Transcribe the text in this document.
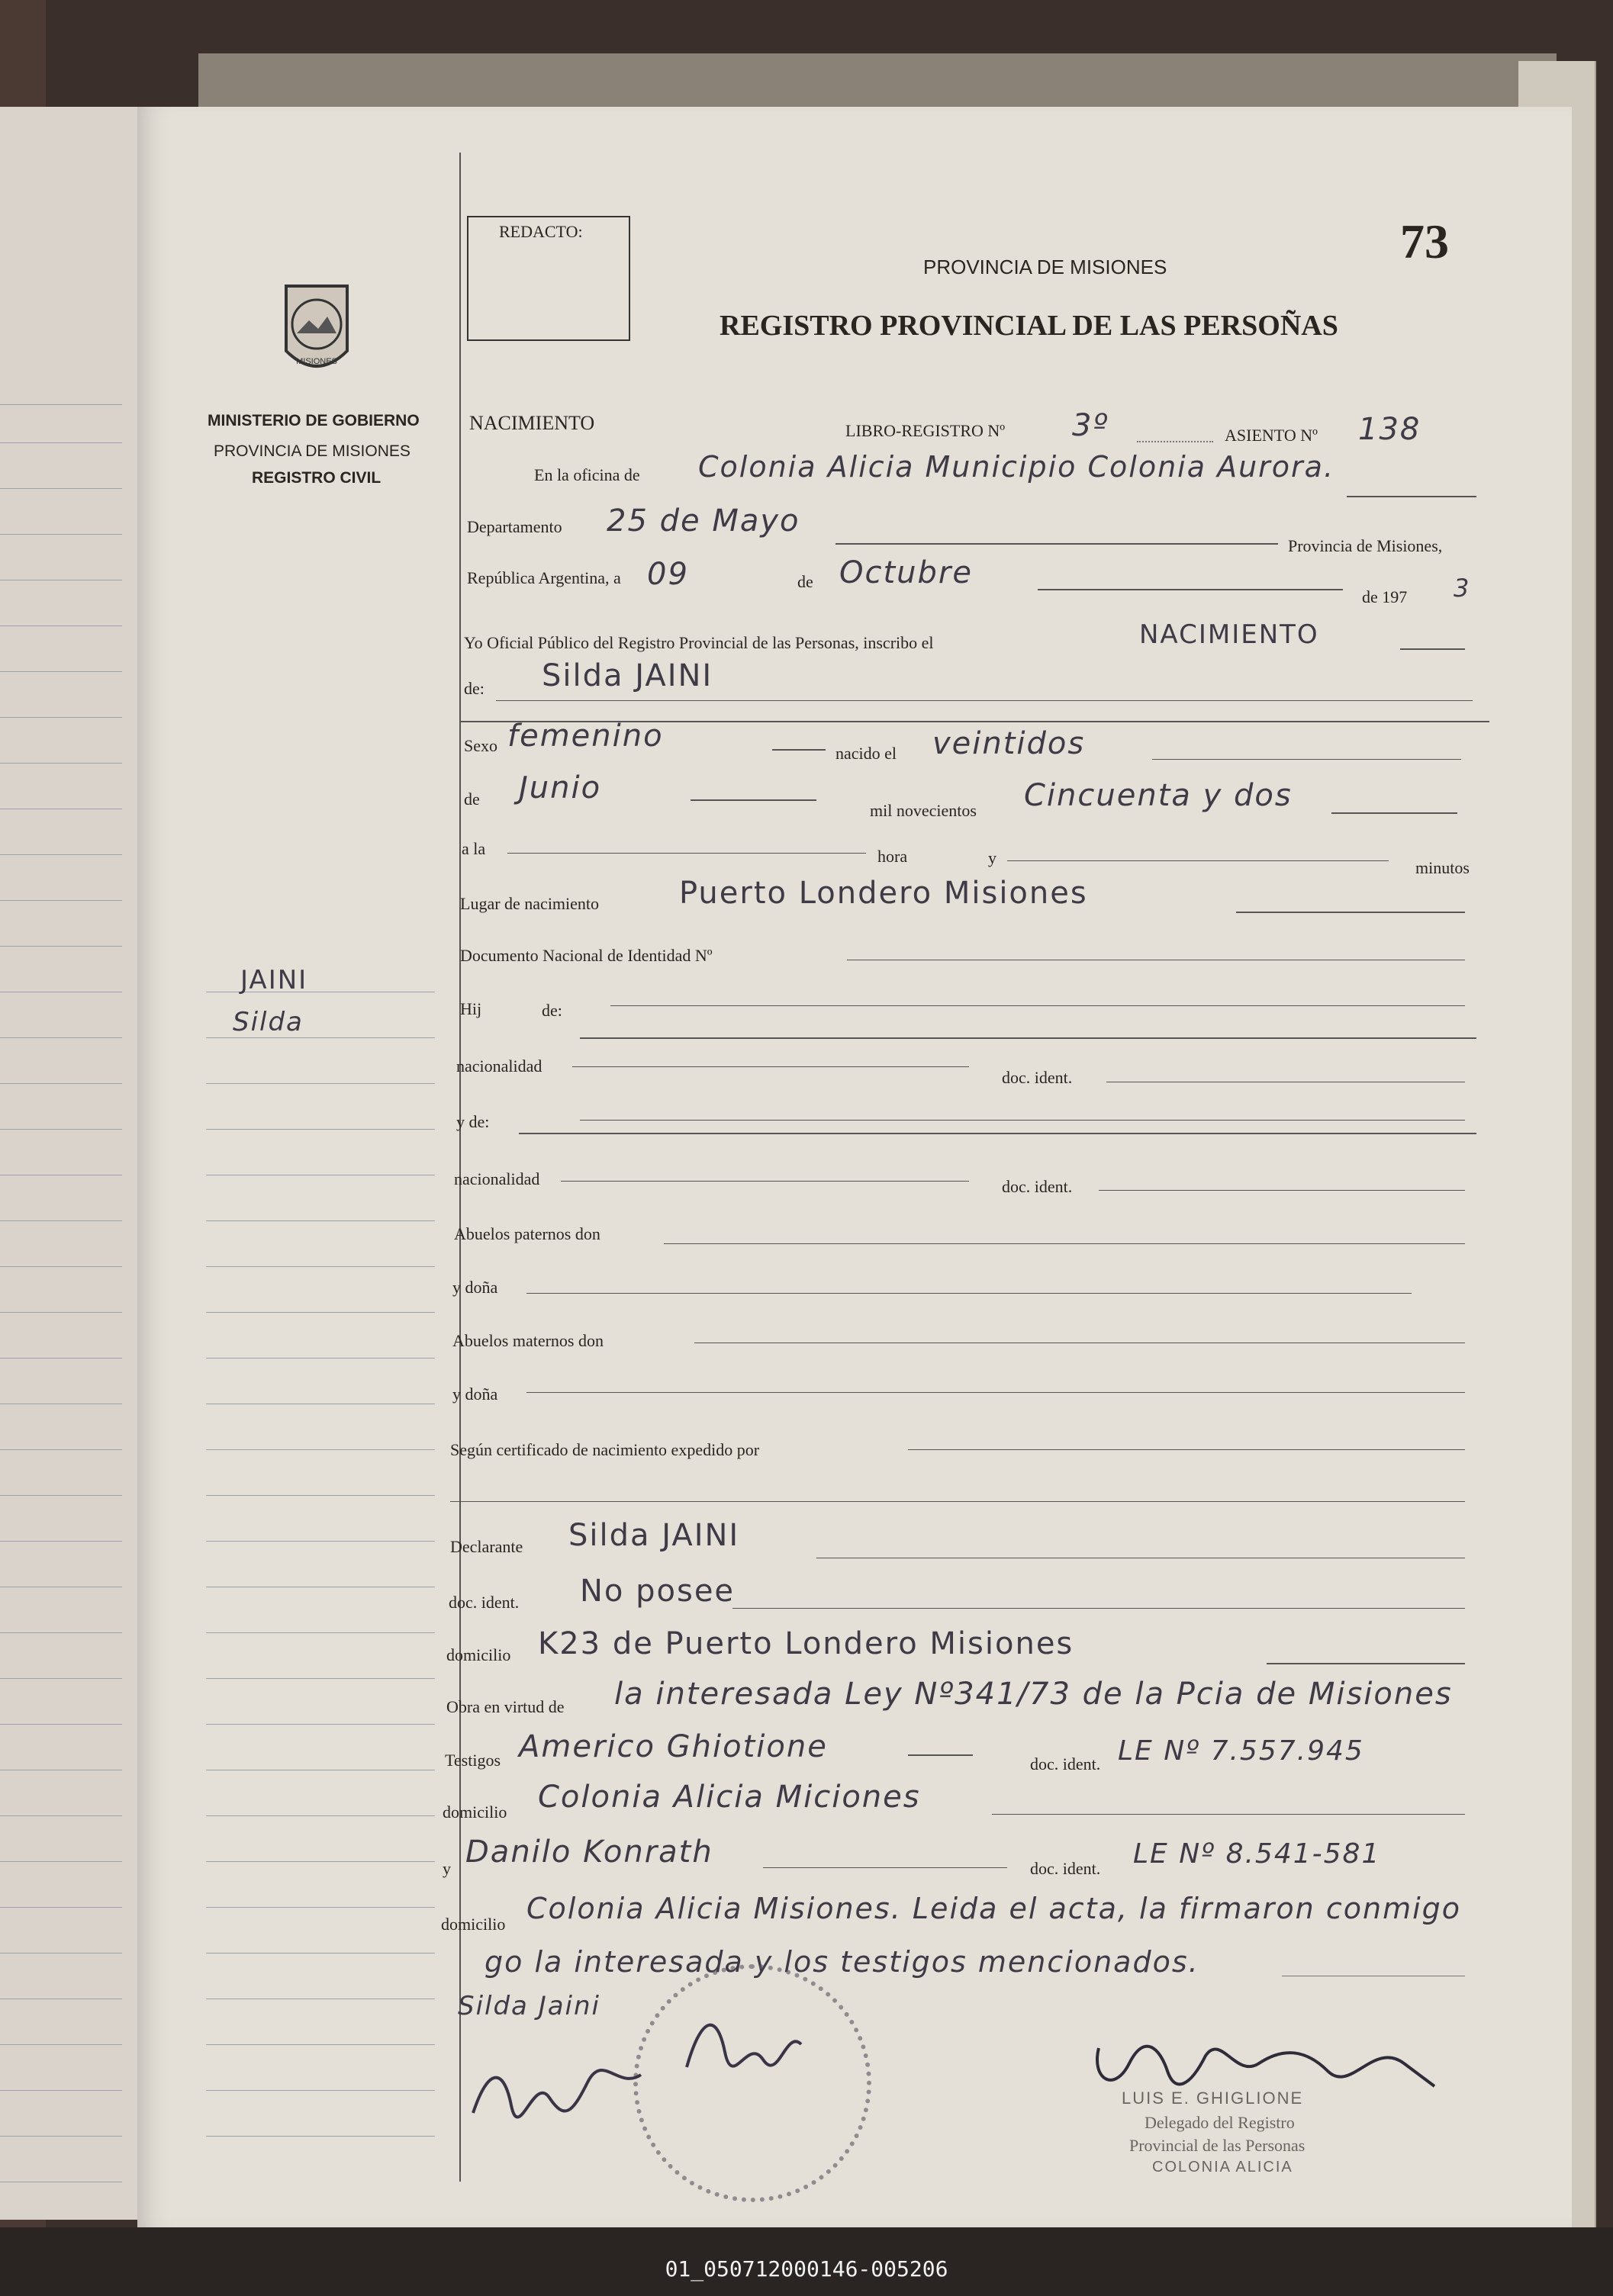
MISIONES
MINISTERIO DE GOBIERNO
PROVINCIA DE MISIONES
REGISTRO CIVIL
JAINI
Silda
REDACTO:	73
PROVINCIA DE MISIONES
REGISTRO PROVINCIAL DE LAS PERSOÑAS
NACIMIENTO	LIBRO-REGISTRO Nº 3º	ASIENTO Nº 138
En la oficina de Colonia Alicia Municipio Colonia Aurora.
Departamento 25 de Mayo
Provincia de Misiones,
República Argentina, a 09	de Octubre
de 197 3
Yo Oficial Público del Registro Provincial de las Personas, inscribo el	NACIMIENTO
de: Silda JAINI
Sexo femenino	nacido el veintidos
de Junio
mil novecientos Cincuenta y dos
a la	hora	y
minutos
Lugar de nacimiento	Puerto Londero Misiones
Documento Nacional de Identidad Nº
Hij	de:
nacionalidad
doc. ident.
y de:
nacionalidad	doc. ident.
Abuelos paternos don
y doña
Abuelos maternos don
y doña
Según certificado de nacimiento expedido por
Declarante Silda JAINI
doc. ident. No posee
domicilio K23 de Puerto Londero Misiones
Obra en virtud de la interesada Ley Nº341/73 de la Pcia de Misiones
Testigos Americo Ghiotione	doc. ident. LE Nº 7.557.945
domicilio Colonia Alicia Miciones
y Danilo Konrath	doc. ident. LE Nº 8.541-581
domicilio Colonia Alicia Misiones. Leida el acta, la firmaron conmigo
go la interesada y los testigos mencionados.
Silda Jaini
LUIS E. GHIGLIONE
Delegado del Registro
Provincial de las Personas
COLONIA ALICIA
01_050712000146-005206
